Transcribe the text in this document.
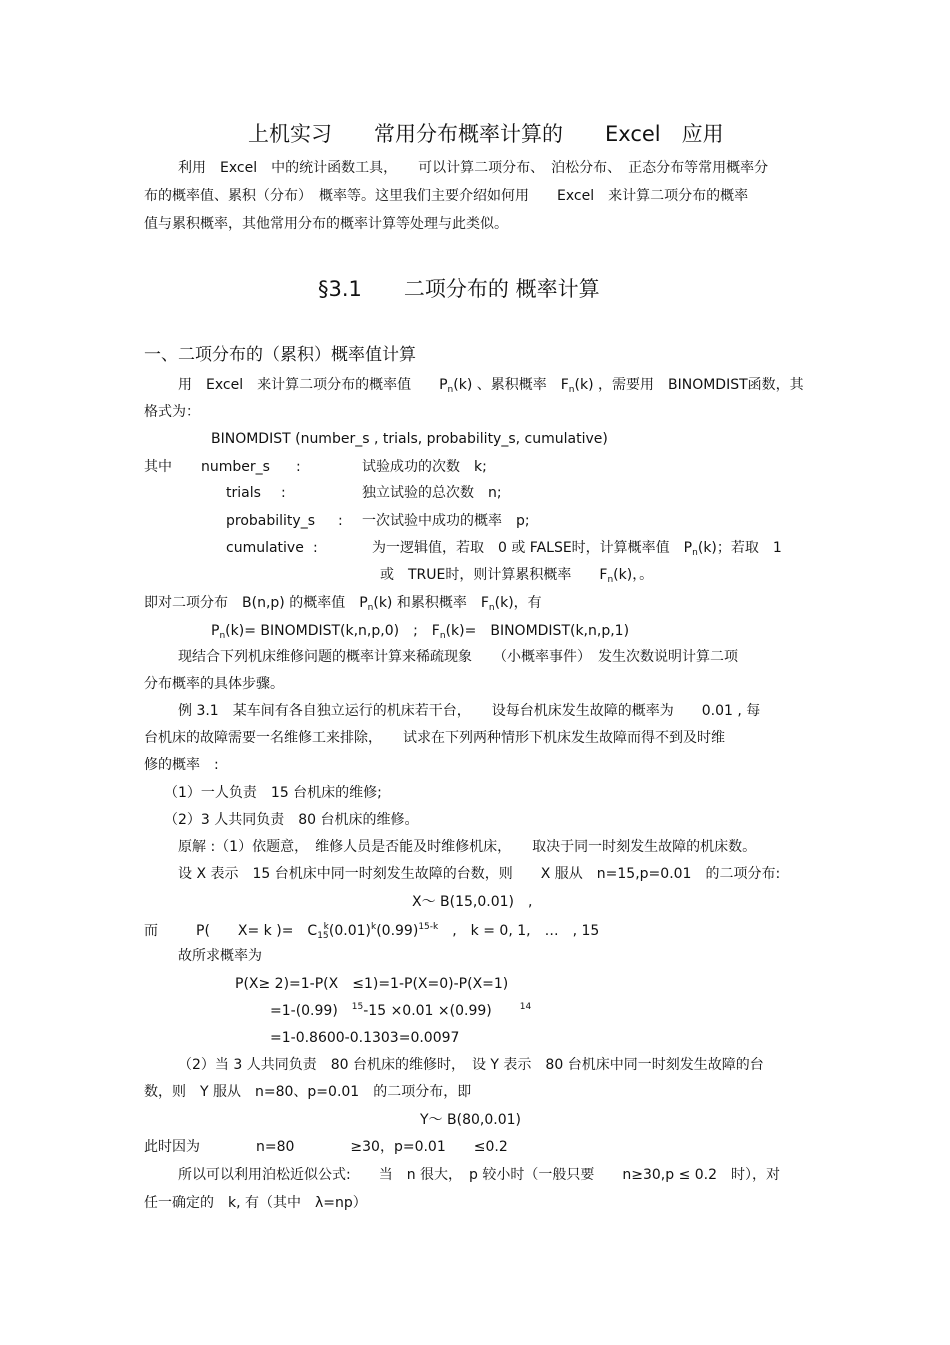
上机实习　　常用分布概率计算的　　Excel　应用
利用　Excel　中的统计函数工具，　　可以计算二项分布、　泊松分布、　正态分布等常用概率分
布的概率值、累积（分布）　概率等。这里我们主要介绍如何用　　Excel　来计算二项分布的概率
值与累积概率，其他常用分布的概率计算等处理与此类似。
§3.1　　二项分布的 概率计算
一、二项分布的（累积）概率值计算
用　Excel　来计算二项分布的概率值　　$P_n(k)$ 、累积概率　$F_n(k)$ ，需要用　BINOMDIST函数，其
格式为：
BINOMDIST (number_s , trials, probability_s, cumulative)
其中 number_s :	试验成功的次数　k;
trials :	独立试验的总次数　n;
probability_s : 一次试验中成功的概率　p;
cumulative :	为一逻辑值，若取　0 或 FALSE时，计算概率值　$P_n(k)$；若取　1
或　TRUE时，则计算累积概率　　$F_n(k)$，。
即对二项分布　B(n,p) 的概率值　$P_n(k)$ 和累积概率　$F_n(k)$，有
$P_n(k)=$ BINOMDIST(k,n,p,0)　;　$F_n(k)=$　BINOMDIST(k,n,p,1)
现结合下列机床维修问题的概率计算来稀疏现象　　（小概率事件）　发生次数说明计算二项
分布概率的具体步骤。
例 3.1　某车间有各自独立运行的机床若干台，　　设每台机床发生故障的概率为　　0.01 , 每
台机床的故障需要一名维修工来排除，　　试求在下列两种情形下机床发生故障而得不到及时维
修的概率　:
（1）一人负责　15 台机床的维修;
（2）3 人共同负责　80 台机床的维修。
原解 :（1）依题意，　维修人员是否能及时维修机床，　　取决于同一时刻发生故障的机床数。
设 X 表示　15 台机床中同一时刻发生故障的台数，则　　X 服从　n=15,p=0.01　的二项分布:
X～ B(15,0.01)　,
而	P(　　X= k )=　$C_{15}^k(0.01)^k(0.99)^{15-k}$　,　k = 0, 1,　…　, 15
故所求概率为
P(X≥ 2)=1-P(X　≤1)=1-P(X=0)-P(X=1)
=1-(0.99)　 $^{15}$-15 ×0.01 ×(0.99)　　	$^{14}$
=1-0.8600-0.1303=0.0097
（2）当 3 人共同负责　80 台机床的维修时，　设 Y 表示　80 台机床中同一时刻发生故障的台
数，则　Y 服从　n=80、p=0.01　的二项分布，即
Y～ B(80,0.01)
此时因为　　　　n=80　　　　≥30，p=0.01　　≤0.2
所以可以利用泊松近似公式:　　当　n 很大，　p 较小时（一般只要　　n≥30,p ≤ 0.2　时），对
任一确定的　k, 有（其中　λ=np）
